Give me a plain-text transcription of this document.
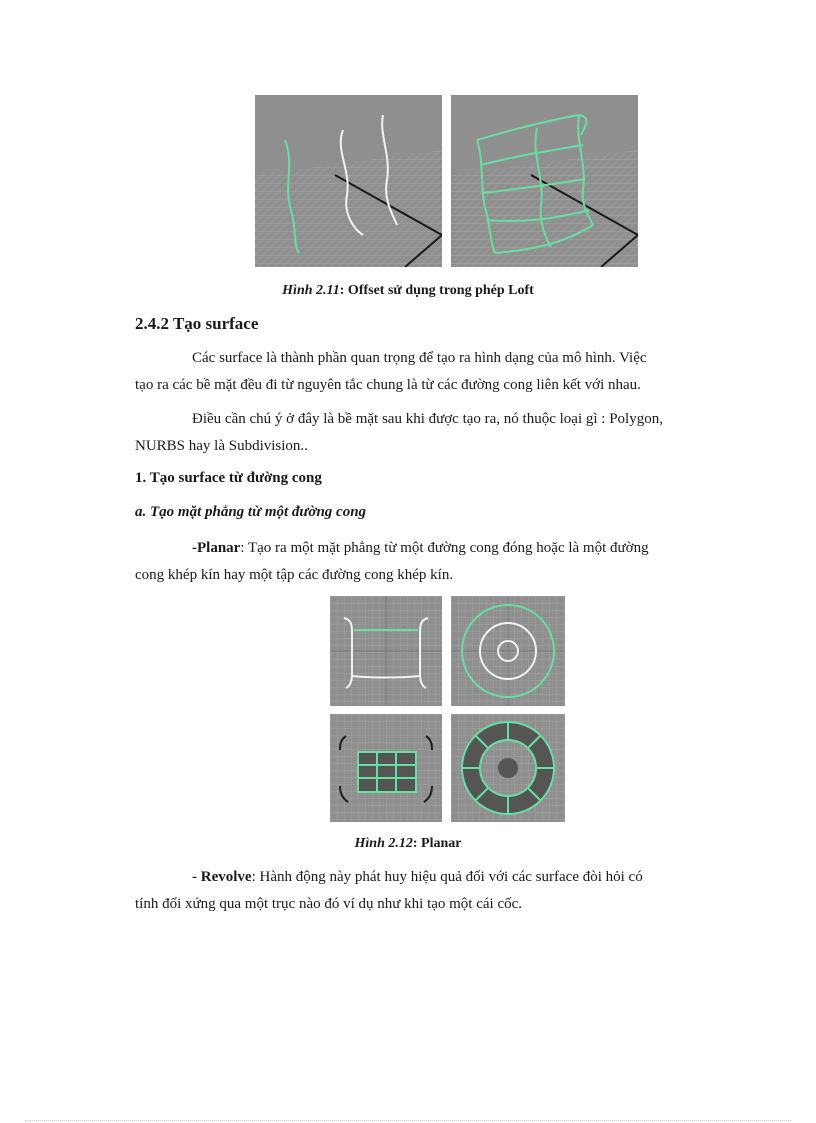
Hình 2.11: Offset sử dụng trong phép Loft
2.4.2 Tạo surface
Các surface là thành phần quan trọng để tạo ra hình dạng của mô hình. Việc
tạo ra các bề mặt đều đi từ nguyên tắc chung là từ các đường cong liên kết với nhau.
Điều cần chú ý ở đây là bề mặt sau khi được tạo ra, nó thuộc loại gì : Polygon,
NURBS hay là Subdivision..
1. Tạo surface từ đường cong
a. Tạo mặt phẳng từ một đường cong
-Planar: Tạo ra một mặt phẳng từ một đường cong đóng hoặc là một đường
cong khép kín hay một tập các đường cong khép kín.
Hình 2.12: Planar
- Revolve: Hành động này phát huy hiệu quả đối với các surface đòi hỏi có
tính đối xứng qua một trục nào đó ví dụ như khi tạo một cái cốc.
